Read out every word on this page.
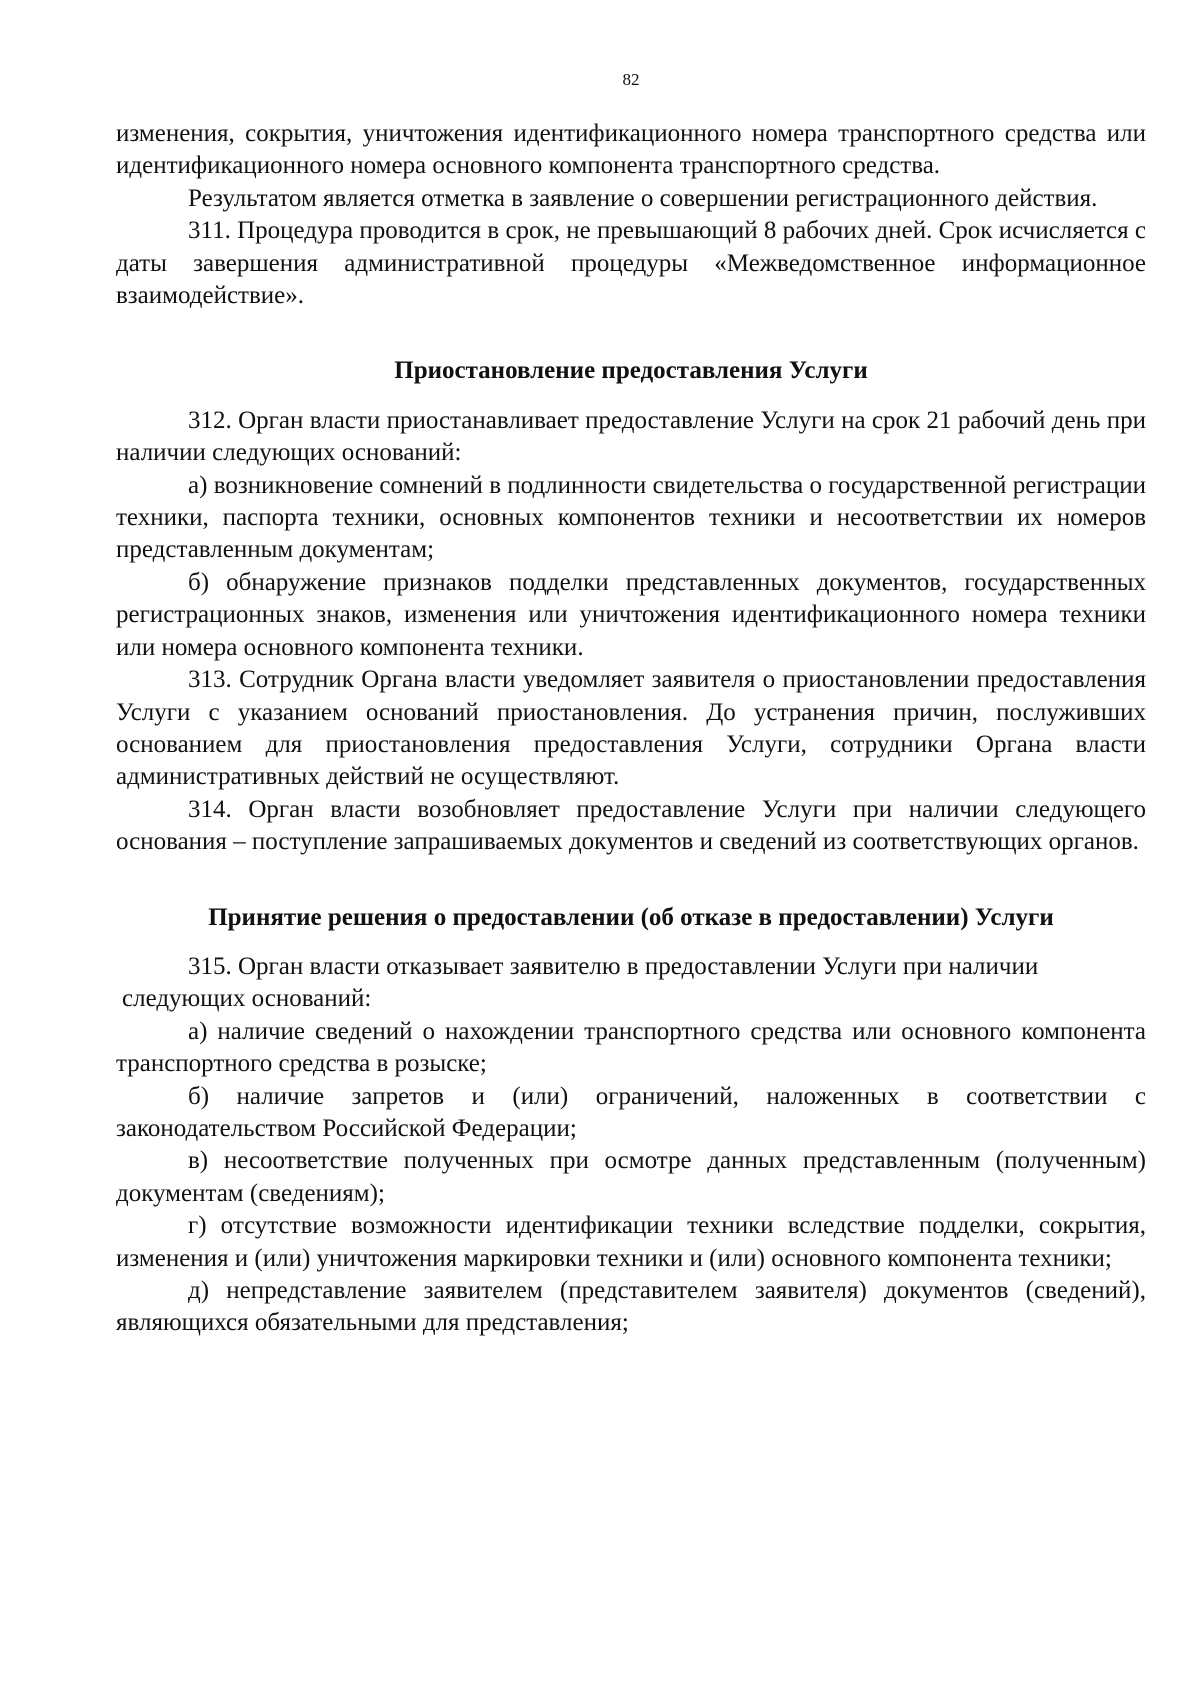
82

изменения, сокрытия, уничтожения идентификационного номера транспортного средства или идентификационного номера основного компонента транспортного средства.

Результатом является отметка в заявление о совершении регистрационного действия.

311. Процедура проводится в срок, не превышающий 8 рабочих дней. Срок исчисляется с даты завершения административной процедуры «Межведомственное информационное взаимодействие».

Приостановление предоставления Услуги

312. Орган власти приостанавливает предоставление Услуги на срок 21 рабочий день при наличии следующих оснований:

а) возникновение сомнений в подлинности свидетельства о государственной регистрации техники, паспорта техники, основных компонентов техники и несоответствии их номеров представленным документам;

б) обнаружение признаков подделки представленных документов, государственных регистрационных знаков, изменения или уничтожения идентификационного номера техники или номера основного компонента техники.

313. Сотрудник Органа власти уведомляет заявителя о приостановлении предоставления Услуги с указанием оснований приостановления. До устранения причин, послуживших основанием для приостановления предоставления Услуги, сотрудники Органа власти административных действий не осуществляют.

314. Орган власти возобновляет предоставление Услуги при наличии следующего основания – поступление запрашиваемых документов и сведений из соответствующих органов.

Принятие решения о предоставлении (об отказе в предоставлении) Услуги

315. Орган власти отказывает заявителю в предоставлении Услуги при наличии

следующих оснований:

а) наличие сведений о нахождении транспортного средства или основного компонента транспортного средства в розыске;

б) наличие запретов и (или) ограничений, наложенных в соответствии с законодательством Российской Федерации;

в) несоответствие полученных при осмотре данных представленным (полученным) документам (сведениям);

г) отсутствие возможности идентификации техники вследствие подделки, сокрытия, изменения и (или) уничтожения маркировки техники и (или) основного компонента техники;

д) непредставление заявителем (представителем заявителя) документов (сведений), являющихся обязательными для представления;
